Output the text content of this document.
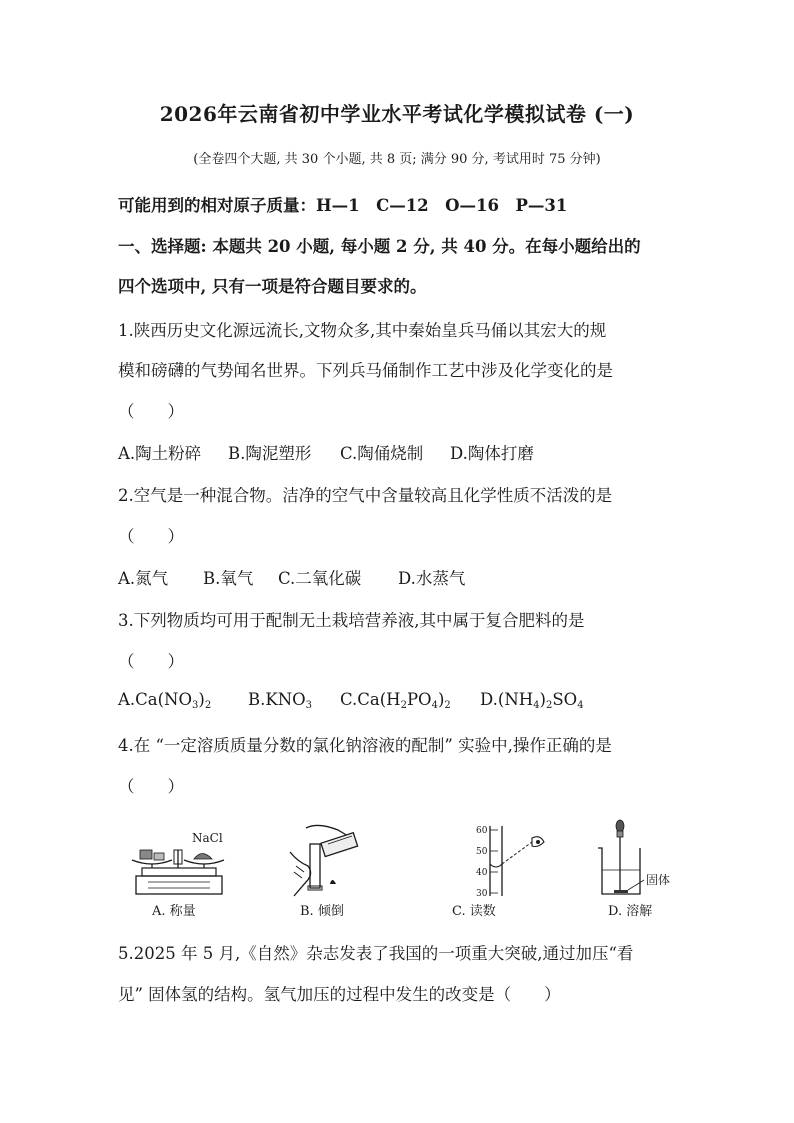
2026年云南省初中学业水平考试化学模拟试卷 (一)
(全卷四个大题, 共 30 个小题, 共 8 页; 满分 90 分, 考试用时 75 分钟)
可能用到的相对原子质量：H—1　C—12　O—16　P—31
一、选择题: 本题共 20 小题, 每小题 2 分, 共 40 分。在每小题给出的
四个选项中, 只有一项是符合题目要求的。
1.陕西历史文化源远流长,文物众多,其中秦始皇兵马俑以其宏大的规
模和磅礴的气势闻名世界。下列兵马俑制作工艺中涉及化学变化的是
（　　）
A.陶土粉碎 B.陶泥塑形 C.陶俑烧制 D.陶体打磨
2.空气是一种混合物。洁净的空气中含量较高且化学性质不活泼的是
（　　）
A.氮气 B.氧气 C.二氧化碳 D.水蒸气
3.下列物质均可用于配制无土栽培营养液,其中属于复合肥料的是
（　　）
$A.Ca(NO_3)_2$ $B.KNO_3$ $C.Ca(H_2PO_4)_2$ $D.(NH_4)_2SO_4$
4.在 “一定溶质质量分数的氯化钠溶液的配制” 实验中,操作正确的是
（　　）
NaCl
A. 称量	B. 倾倒
60
50
40
30
C. 读数
固体
D. 溶解
5.2025 年 5 月,《自然》杂志发表了我国的一项重大突破,通过加压“看
见” 固体氢的结构。氢气加压的过程中发生的改变是（　　）
